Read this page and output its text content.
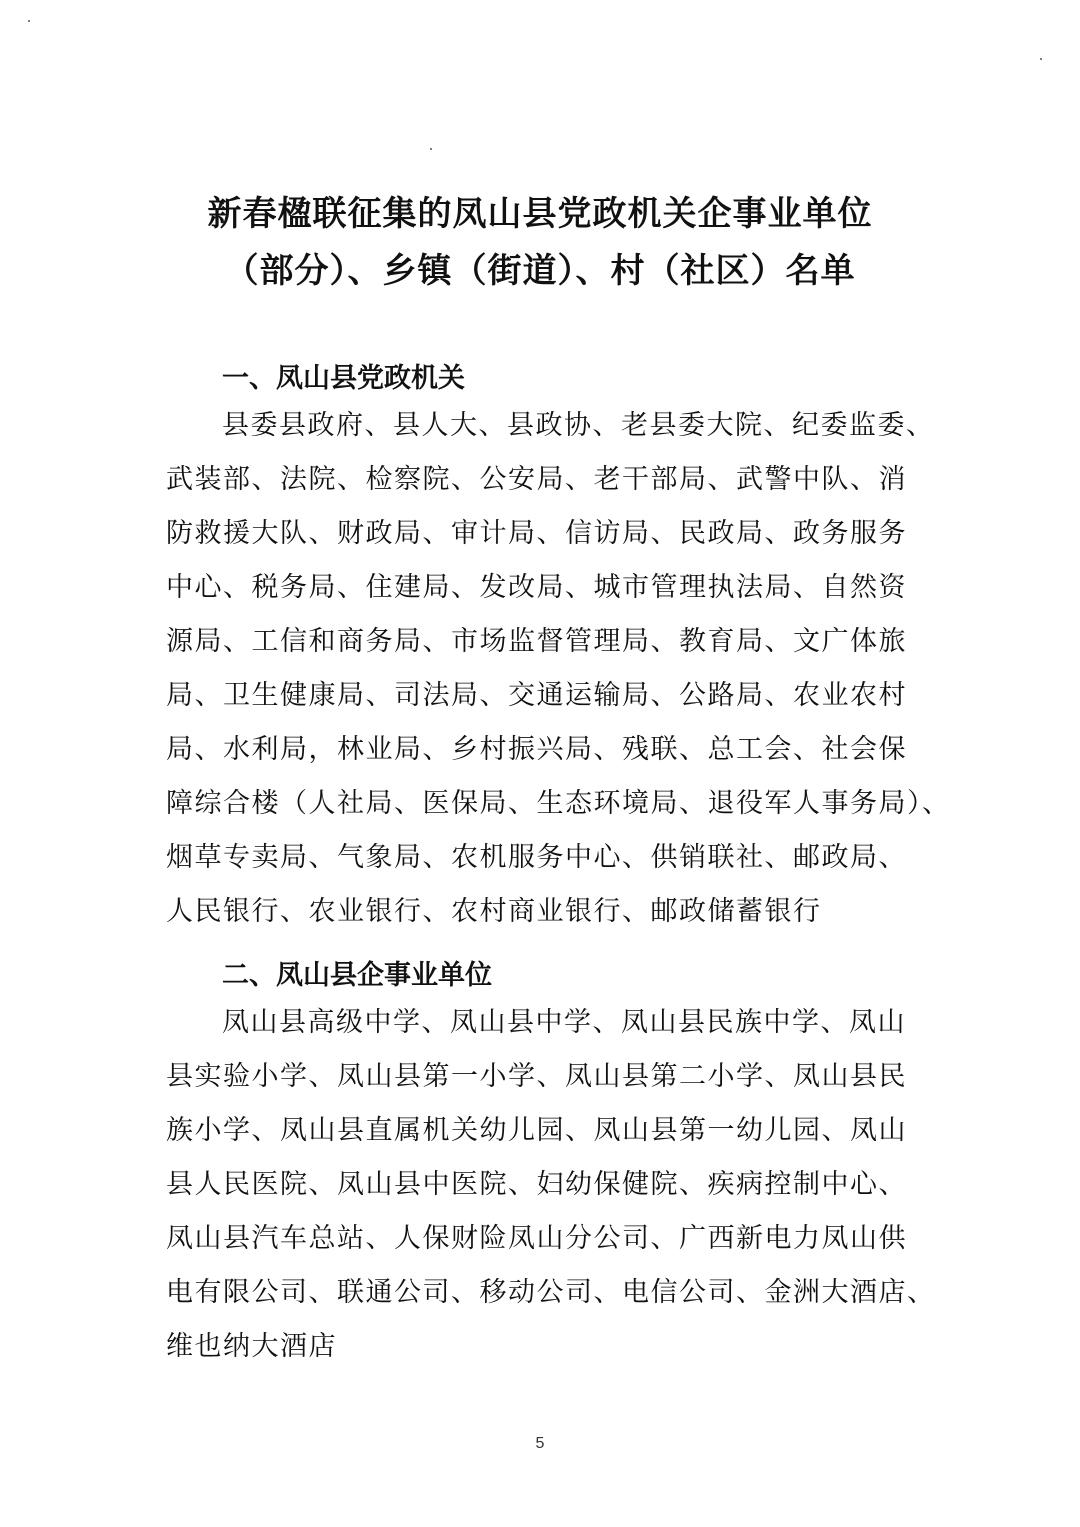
新春楹联征集的凤山县党政机关企事业单位
（部分）、乡镇（街道）、村（社区）名单
一、凤山县党政机关
县委县政府、县人大、县政协、老县委大院、纪委监委、
武装部、法院、检察院、公安局、老干部局、武警中队、消
防救援大队、财政局、审计局、信访局、民政局、政务服务
中心、税务局、住建局、发改局、城市管理执法局、自然资
源局、工信和商务局、市场监督管理局、教育局、文广体旅
局、卫生健康局、司法局、交通运输局、公路局、农业农村
局、水利局，林业局、乡村振兴局、残联、总工会、社会保
障综合楼（人社局、医保局、生态环境局、退役军人事务局）、
烟草专卖局、气象局、农机服务中心、供销联社、邮政局、
人民银行、农业银行、农村商业银行、邮政储蓄银行
二、凤山县企事业单位
凤山县高级中学、凤山县中学、凤山县民族中学、凤山
县实验小学、凤山县第一小学、凤山县第二小学、凤山县民
族小学、凤山县直属机关幼儿园、凤山县第一幼儿园、凤山
县人民医院、凤山县中医院、妇幼保健院、疾病控制中心、
凤山县汽车总站、人保财险凤山分公司、广西新电力凤山供
电有限公司、联通公司、移动公司、电信公司、金洲大酒店、
维也纳大酒店
5
